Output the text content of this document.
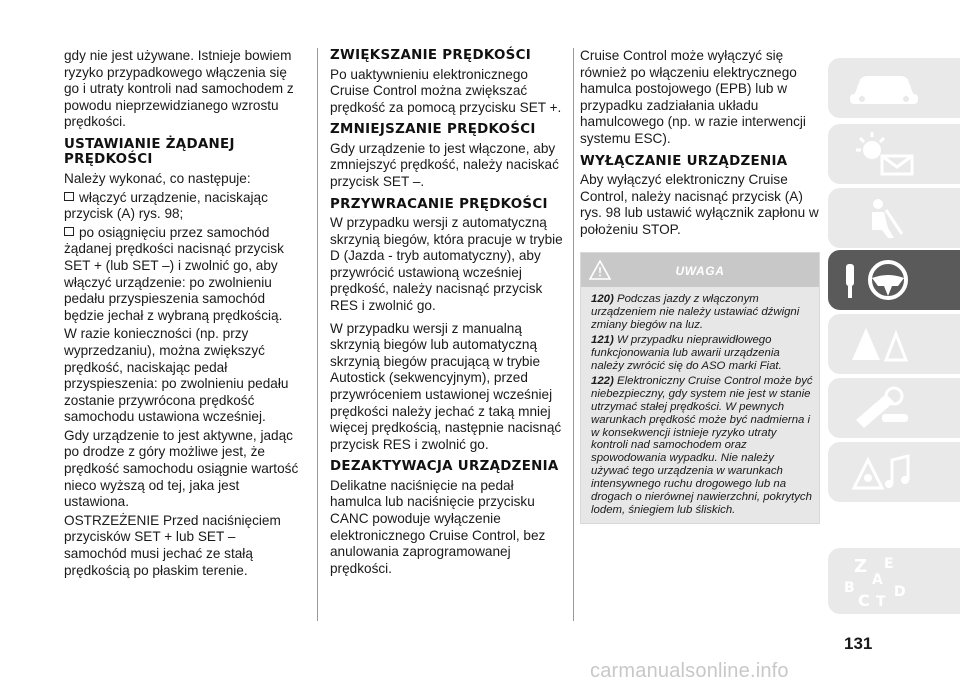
gdy nie jest używane. Istnieje bowiem ryzyko przypadkowego włączenia się go i utraty kontroli nad samochodem z powodu nieprzewidzianego wzrostu prędkości.

USTAWIANIE ŻĄDANEJ PRĘDKOŚCI

Należy wykonać, co następuje:

włączyć urządzenie, naciskając przycisk (A) rys. 98;

po osiągnięciu przez samochód żądanej prędkości nacisnąć przycisk SET + (lub SET –) i zwolnić go, aby włączyć urządzenie: po zwolnieniu pedału przyspieszenia samochód będzie jechał z wybraną prędkością.

W razie konieczności (np. przy wyprzedzaniu), można zwiększyć prędkość, naciskając pedał przyspieszenia: po zwolnieniu pedału zostanie przywrócona prędkość samochodu ustawiona wcześniej.

Gdy urządzenie to jest aktywne, jadąc po drodze z góry możliwe jest, że prędkość samochodu osiągnie wartość nieco wyższą od tej, jaka jest ustawiona.

OSTRZEŻENIE Przed naciśnięciem przycisków SET + lub SET – samochód musi jechać ze stałą prędkością po płaskim terenie.

ZWIĘKSZANIE PRĘDKOŚCI

Po uaktywnieniu elektronicznego Cruise Control można zwiększać prędkość za pomocą przycisku SET +.

ZMNIEJSZANIE PRĘDKOŚCI

Gdy urządzenie to jest włączone, aby zmniejszyć prędkość, należy naciskać przycisk SET –.

PRZYWRACANIE PRĘDKOŚCI

W przypadku wersji z automatyczną skrzynią biegów, która pracuje w trybie D (Jazda - tryb automatyczny), aby przywrócić ustawioną wcześniej prędkość, należy nacisnąć przycisk RES i zwolnić go.

W przypadku wersji z manualną skrzynią biegów lub automatyczną skrzynią biegów pracującą w trybie Autostick (sekwencyjnym), przed przywróceniem ustawionej wcześniej prędkości należy jechać z taką mniej więcej prędkością, następnie nacisnąć przycisk RES i zwolnić go.

DEZAKTYWACJA URZĄDZENIA

Delikatne naciśnięcie na pedał hamulca lub naciśnięcie przycisku CANC powoduje wyłączenie elektronicznego Cruise Control, bez anulowania zaprogramowanej prędkości.

Cruise Control może wyłączyć się również po włączeniu elektrycznego hamulca postojowego (EPB) lub w przypadku zadziałania układu hamulcowego (np. w razie interwencji systemu ESC).

WYŁĄCZANIE URZĄDZENIA

Aby wyłączyć elektroniczny Cruise Control, należy nacisnąć przycisk (A) rys. 98 lub ustawić wyłącznik zapłonu w położeniu STOP.

UWAGA
120) Podczas jazdy z włączonym urządzeniem nie należy ustawiać dźwigni zmiany biegów na luz.
121) W przypadku nieprawidłowego funkcjonowania lub awarii urządzenia należy zwrócić się do ASO marki Fiat.
122) Elektroniczny Cruise Control może być niebezpieczny, gdy system nie jest w stanie utrzymać stałej prędkości. W pewnych warunkach prędkość może być nadmierna i w konsekwencji istnieje ryzyko utraty kontroli nad samochodem oraz spowodowania wypadku. Nie należy używać tego urządzenia w warunkach intensywnego ruchu drogowego lub na drogach o nierównej nawierzchni, pokrytych lodem, śniegiem lub śliskich.
Z E
A
B
C T
D
131
carmanualsonline.info
